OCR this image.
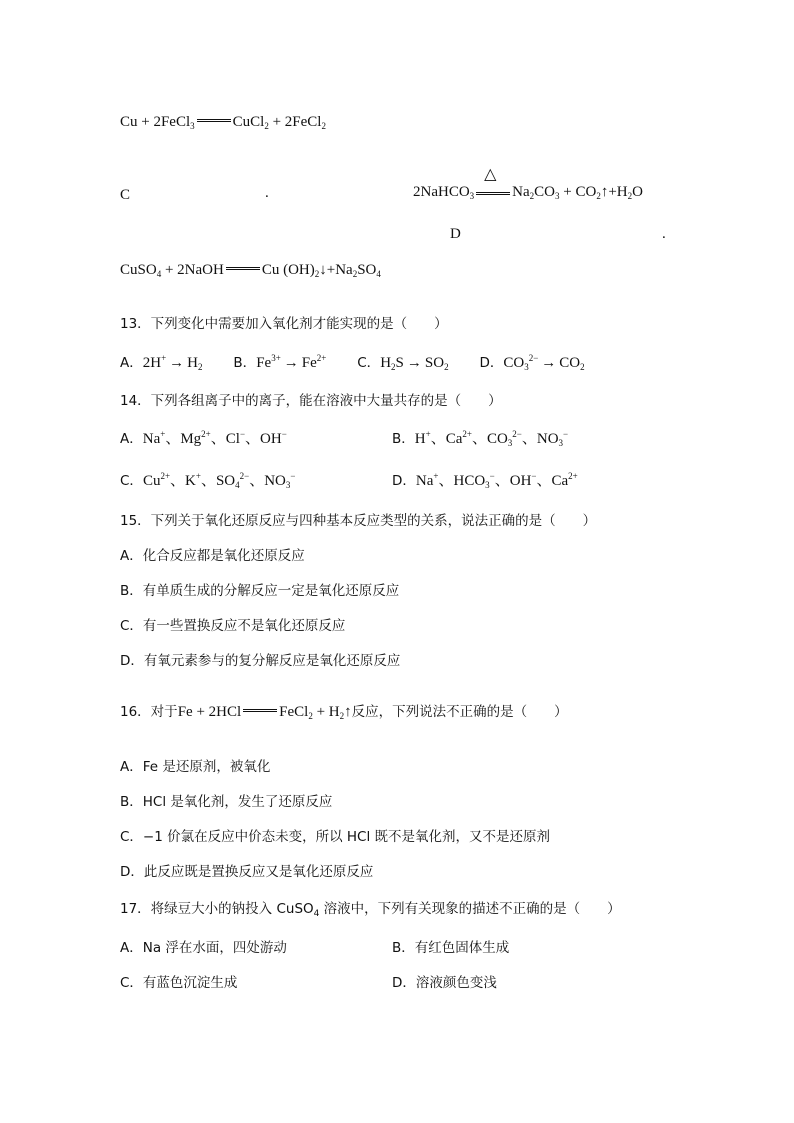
Cu + 2FeCl$_3$	CuCl$_2$ + 2FeCl$_2$
C	.	2NaHCO$_3$
△
$Na_2CO_3$ + $CO_2↑+H_2O$
D	.
CuSO$_4$ + 2NaOH	Cu $(OH)_2↓+Na_2SO_4$
13．下列变化中需要加入氧化剂才能实现的是（　　）
A．$2H^+ \to H_2$ B．$Fe^{3+} \to Fe^{2+}$ C．$H_2S \to SO_2$ D．$CO_3^{2-} \to CO_2$
14．下列各组离子中的离子，能在溶液中大量共存的是（　　）
A．Na+、$Mg^{2+}$、Cl−、OH−	B．H+、$Ca^{2+}$、$CO_3^{2-}$、$NO_3^-$
C．$Cu^{2+}$、K+、$SO_4^{2-}$、$NO_3^-$	D．Na+、$HCO_3^-$、OH−、$Ca^{2+}$
15．下列关于氧化还原反应与四种基本反应类型的关系，说法正确的是（　　）
A．化合反应都是氧化还原反应
B．有单质生成的分解反应一定是氧化还原反应
C．有一些置换反应不是氧化还原反应
D．有氧元素参与的复分解反应是氧化还原反应
16．对于Fe + 2HCl	FeCl$_2$ + $H_2↑$反应，下列说法不正确的是（　　）
A．Fe 是还原剂，被氧化
B．HCl 是氧化剂，发生了还原反应
C．−1 价氯在反应中价态未变，所以 HCl 既不是氧化剂，又不是还原剂
D．此反应既是置换反应又是氧化还原反应
17．将绿豆大小的钠投入 CuSO$_4$ 溶液中，下列有关现象的描述不正确的是（　　）
A．Na 浮在水面，四处游动	B．有红色固体生成
C．有蓝色沉淀生成	D．溶液颜色变浅
